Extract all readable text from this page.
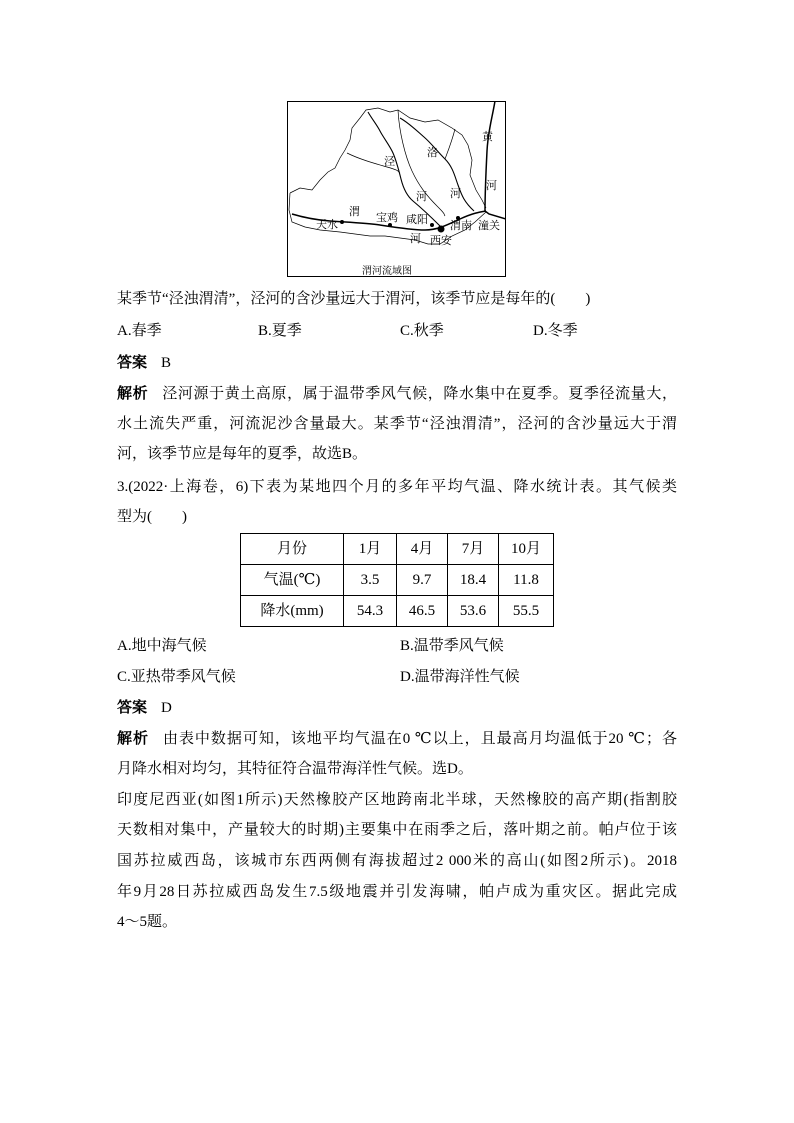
黄
河
泾
河
洛
河
渭
河
天水
宝鸡 咸阳 渭南 潼关
西安
渭河流域图
某季节“泾浊渭清”，泾河的含沙量远大于渭河，该季节应是每年的(　　)
A.春季	B.夏季	C.秋季	D.冬季
答案 B
解析 泾河源于黄土高原，属于温带季风气候，降水集中在夏季。夏季径流量大，
水土流失严重，河流泥沙含量最大。某季节“泾浊渭清”，泾河的含沙量远大于渭
河，该季节应是每年的夏季，故选B。
3.(2022·上海卷，6)下表为某地四个月的多年平均气温、降水统计表。其气候类
型为(　　)
月份	1月	4月	7月	10月
气温(℃)	3.5	9.7	18.4	11.8
降水(mm)	54.3	46.5	53.6	55.5
A.地中海气候	B.温带季风气候
C.亚热带季风气候	D.温带海洋性气候
答案 D
解析 由表中数据可知，该地平均气温在0 ℃以上，且最高月均温低于20 ℃；各
月降水相对均匀，其特征符合温带海洋性气候。选D。
印度尼西亚(如图1所示)天然橡胶产区地跨南北半球，天然橡胶的高产期(指割胶
天数相对集中，产量较大的时期)主要集中在雨季之后，落叶期之前。帕卢位于该
国苏拉威西岛，该城市东西两侧有海拔超过2 000米的高山(如图2所示)。2018
年9月28日苏拉威西岛发生7.5级地震并引发海啸，帕卢成为重灾区。据此完成
4～5题。
